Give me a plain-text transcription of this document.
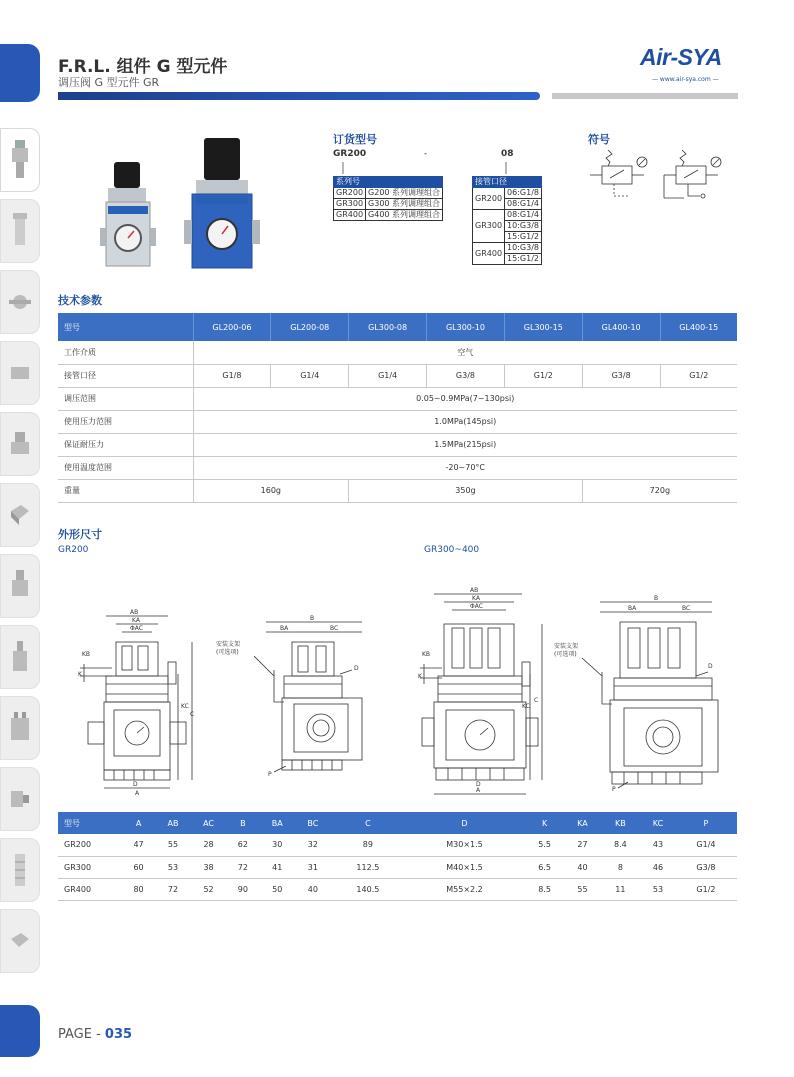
F.R.L. 组件 G 型元件
调压阀 G 型元件 GR
Air-SYA
— www.air-sya.com —
订货型号
GR200	-	08
系列号	
GR200	G200 系列调理组合
GR300	G300 系列调理组合
GR400	G400 系列调理组合
接管口径	
GR200	06:G1/8
	08:G1/4
GR300	08:G1/4
	10:G3/8
	15:G1/2
GR400	10:G3/8
	15:G1/2
符号
技术参数
型号	GL200-06	GL200-08	GL300-08	GL300-10	GL300-15	GL400-10	GL400-15
工作介质	空气						
接管口径	G1/8	G1/4	G1/4	G3/8	G1/2	G3/8	G1/2
调压范围	0.05~0.9MPa(7~130psi)						
使用压力范围	1.0MPa(145psi)						
保证耐压力	1.5MPa(215psi)						
使用温度范围	-20~70°C						
重量	160g		350g			720g	
外形尺寸
GR200	GR300~400
AB
KA
ΦAC
KB
K
KC
C
D
A
B
BA	BC
安装支架
(可选项)
D
P
AB
KA
ΦAC
KB
K
KC
C
D
A
B
BA	BC
安装支架
(可选项)
D
P
型号	A	AB	AC	B	BA	BC	C	D	K	KA	KB	KC	P
GR200	47	55	28	62	30	32	89	M30×1.5	5.5	27	8.4	43	G1/4
GR300	60	53	38	72	41	31	112.5	M40×1.5	6.5	40	8	46	G3/8
GR400	80	72	52	90	50	40	140.5	M55×2.2	8.5	55	11	53	G1/2
PAGE - 035
